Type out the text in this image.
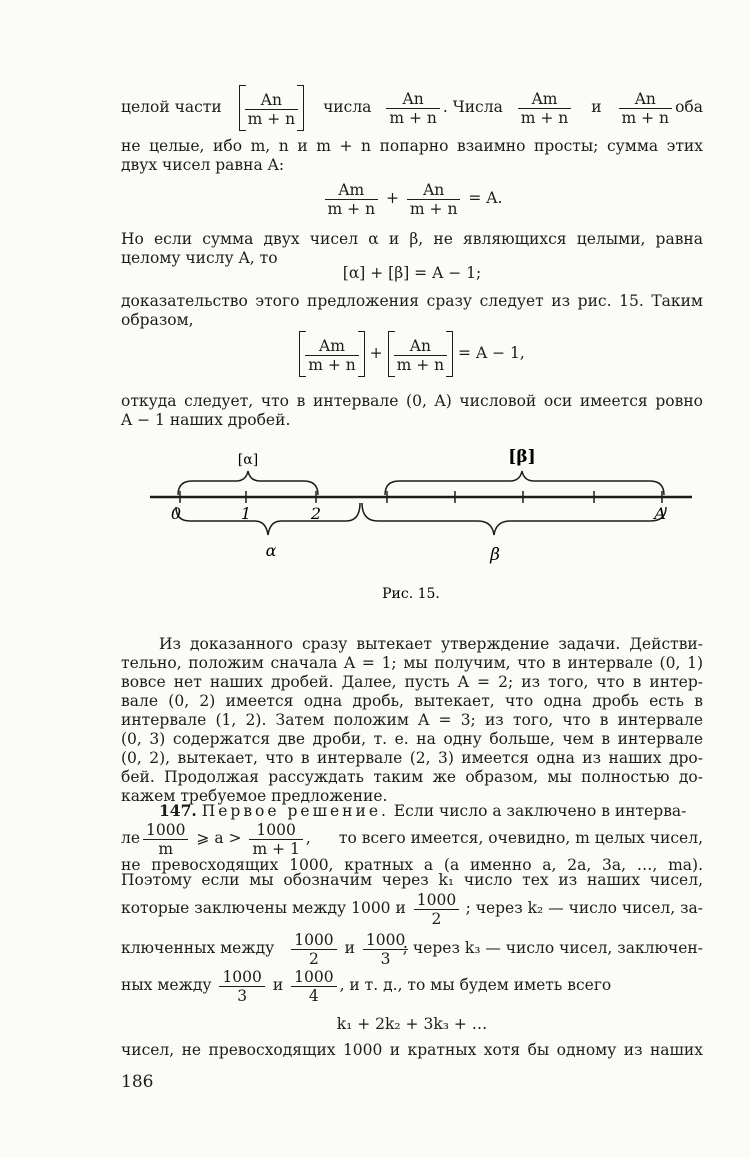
целой части $\frac{An}{m + n}$ числа $\frac{An}{m + n}$ . Числа $\frac{Am}{m + n}$ и $\frac{An}{m + n}$ оба
не целые, ибо m, n и m + n попарно взаимно просты; сумма этих
двух чисел равна A:
$\frac{Am}{m + n} + \frac{An}{m + n} = A$.
Но если сумма двух чисел α и β, не являющихся целыми, равна
целому числу A, то
[α] + [β] = A − 1;
доказательство этого предложения сразу следует из рис. 15. Таким
образом,
$\frac{Am}{m + n} + \frac{An}{m + n} = A - 1$,
откуда следует, что в интервале (0, A) числовой оси имеется ровно
A − 1 наших дробей.
[α]	[β]
0	1	2	A
α	β
Рис. 15.
Из доказанного сразу вытекает утверждение задачи. Действи-
тельно, положим сначала A = 1; мы получим, что в интервале (0, 1)
вовсе нет наших дробей. Далее, пусть A = 2; из того, что в интер-
вале (0, 2) имеется одна дробь, вытекает, что одна дробь есть в
интервале (1, 2). Затем положим A = 3; из того, что в интервале
(0, 3) содержатся две дроби, т. е. на одну больше, чем в интервале
(0, 2), вытекает, что в интервале (2, 3) имеется одна из наших дро-
бей. Продолжая рассуждать таким же образом, мы полностью до-
кажем требуемое предложение.
147. Первое решение. Если число a заключено в интерва-
ле $\frac{1000}{m}$ ⩾ $a > \frac{1000}{m + 1}$ , то всего имеется, очевидно, m целых чисел,
не превосходящих 1000, кратных a (а именно a, 2a, 3a, …, ma).
Поэтому если мы обозначим через k₁ число тех из наших чисел,
которые заключены между 1000 и $\frac{1000}{2}$ ; через k₂ — число чисел, за-
ключенных между $\frac{1000}{2}$ и $\frac{1000}{3}$
; через k₃ — число чисел, заключен-
ных между $\frac{1000}{3}$ и $\frac{1000}{4}$ , и т. д., то мы будем иметь всего
k₁ + 2k₂ + 3k₃ + …
чисел, не превосходящих 1000 и кратных хотя бы одному из наших
186
